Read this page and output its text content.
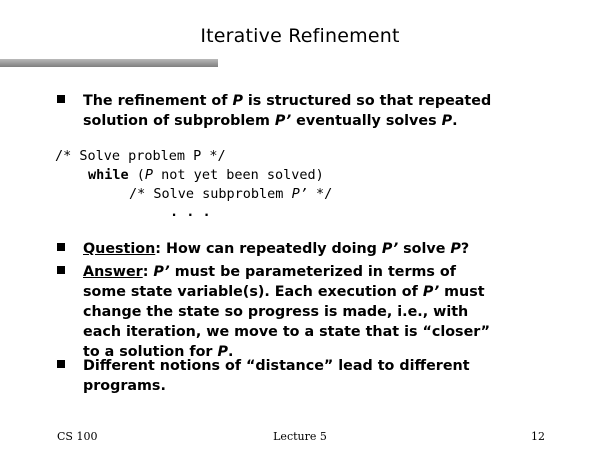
Iterative Refinement
The refinement of P is structured so that repeated
solution of subproblem P’ eventually solves P.
/* Solve problem P */
while (P not yet been solved)
/* Solve subproblem P’ */
. . .
Question: How can repeatedly doing P’ solve P?
Answer: P’ must be parameterized in terms of
some state variable(s). Each execution of P’ must
change the state so progress is made, i.e., with
each iteration, we move to a state that is “closer”
to a solution for P.
Different notions of “distance” lead to different
programs.
CS 100	Lecture 5	12
